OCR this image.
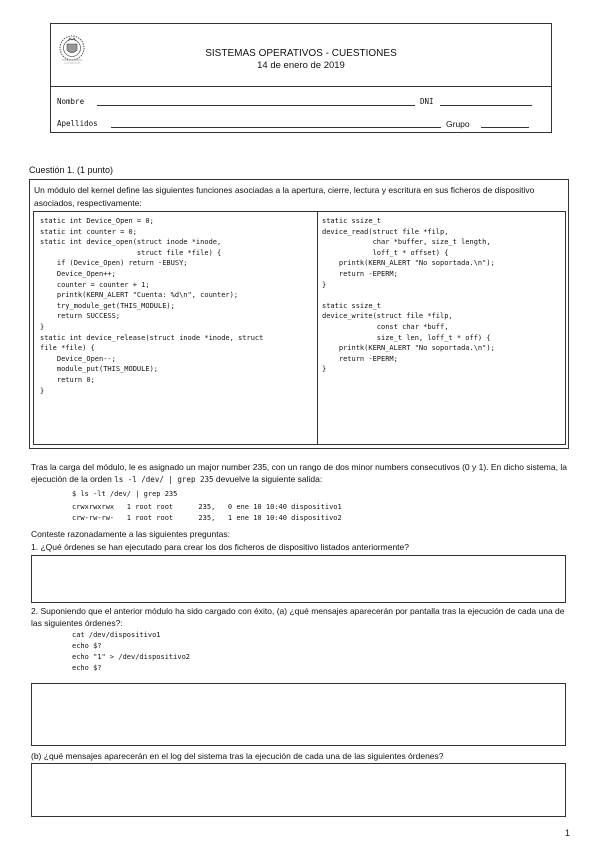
SISTEMAS OPERATIVOS - CUESTIONES
14 de enero de 2019
Nombre	DNI
Apellidos	Grupo
Cuestión 1. (1 punto)
Un módulo del kernel define las siguientes funciones asociadas a la apertura, cierre, lectura y escritura en sus ficheros de dispositivo asociados, respectivamente:
static int Device_Open = 0;
static int counter = 0;
static int device_open(struct inode *inode,
struct file *file) {
if (Device_Open) return -EBUSY;
Device_Open++;
counter = counter + 1;
printk(KERN_ALERT "Cuenta: %d\n", counter);
try_module_get(THIS_MODULE);
return SUCCESS;
}
static int device_release(struct inode *inode, struct
file *file) {
Device_Open--;
module_put(THIS_MODULE);
return 0;
}
static ssize_t
device_read(struct file *filp,
char *buffer, size_t length,
loff_t * offset) {
printk(KERN_ALERT "No soportada.\n");
return -EPERM;
}

static ssize_t
device_write(struct file *filp,
const char *buff,
size_t len, loff_t * off) {
printk(KERN_ALERT "No soportada.\n");
return -EPERM;
}
Tras la carga del módulo, le es asignado un major number 235, con un rango de dos minor numbers consecutivos (0 y 1). En dicho sistema, la ejecución de la orden ls -l /dev/ | grep 235 devuelve la siguiente salida:
$ ls -lt /dev/ | grep 235
crwxrwxrwx   1 root root      235,   0 ene 10 10:40 dispositivo1
crw-rw-rw-   1 root root      235,   1 ene 10 10:40 dispositivo2
Conteste razonadamente a las siguientes preguntas:
1. ¿Qué órdenes se han ejecutado para crear los dos ficheros de dispositivo listados anteriormente?
2. Suponiendo que el anterior módulo ha sido cargado con éxito, (a) ¿qué mensajes aparecerán por pantalla tras la ejecución de cada una de las siguientes órdenes?:
cat /dev/dispositivo1
echo $?
echo "1" > /dev/dispositivo2
echo $?
(b) ¿qué mensajes aparecerán en el log del sistema tras la ejecución de cada una de las siguientes órdenes?
1
